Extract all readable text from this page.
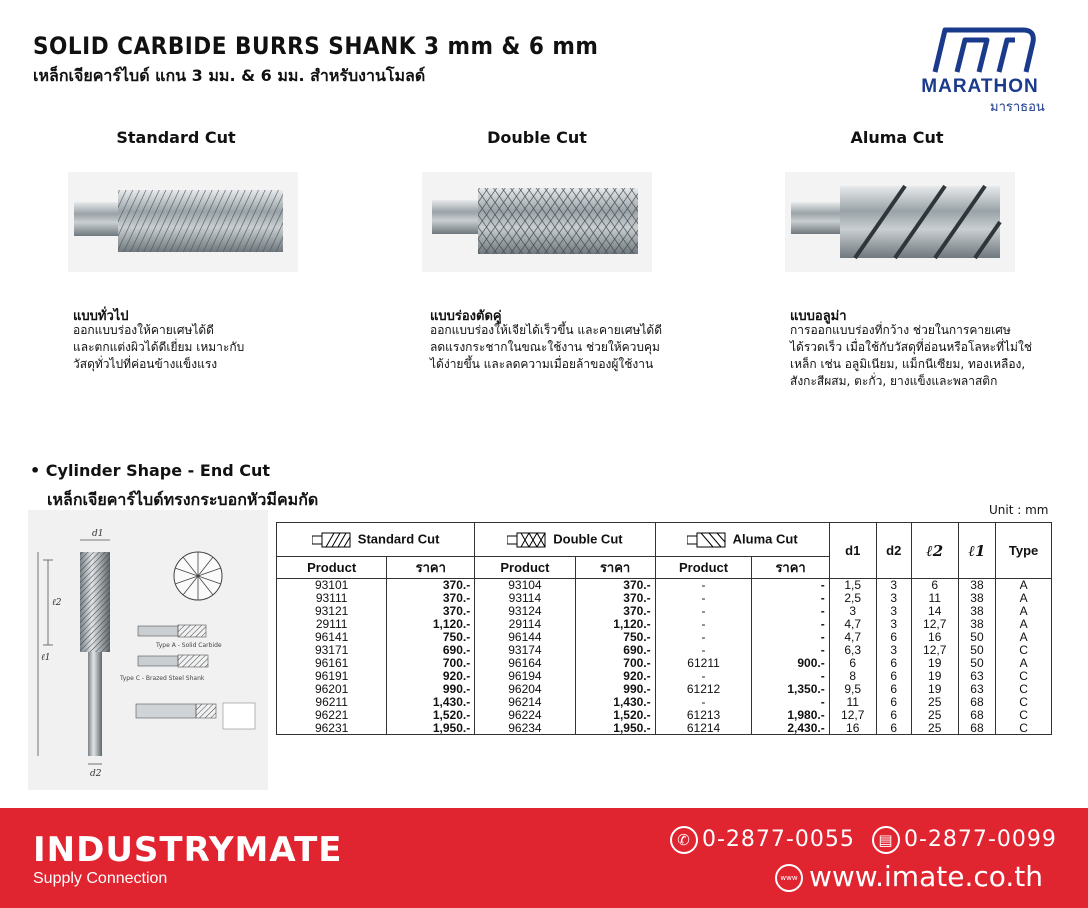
SOLID CARBIDE BURRS SHANK 3 mm & 6 mm
เหล็กเจียคาร์ไบด์ แกน 3 มม. & 6 มม. สำหรับงานโมลด์
MARATHON
มาราธอน
Standard Cut	Double Cut	Aluma Cut
แบบทั่วไป
ออกแบบร่องให้คายเศษได้ดี
และตกแต่งผิวได้ดีเยี่ยม เหมาะกับ
วัสดุทั่วไปที่ค่อนข้างแข็งแรง
แบบร่องตัดคู่
ออกแบบร่องให้เจียได้เร็วขึ้น และคายเศษได้ดี
ลดแรงกระชากในขณะใช้งาน ช่วยให้ควบคุม
ได้ง่ายขึ้น และลดความเมื่อยล้าของผู้ใช้งาน
แบบอลูม่า
การออกแบบร่องที่กว้าง ช่วยในการคายเศษ
ได้รวดเร็ว เมื่อใช้กับวัสดุที่อ่อนหรือโลหะที่ไม่ใช่
เหล็ก เช่น อลูมิเนียม, แม็กนีเซียม, ทองเหลือง,
สังกะสีผสม, ตะกั่ว, ยางแข็งและพลาสติก
• Cylinder Shape - End Cut
เหล็กเจียคาร์ไบด์ทรงกระบอกหัวมีคมกัด
Unit : mm
d1
ℓ2
ℓ1
d2
Type A - Solid Carbide
Type C - Brazed Steel Shank
Standard Cut		Double Cut		Aluma Cut		d1	d2	ℓ2	ℓ1	Type
Product	ราคา	Product	ราคา	Product	ราคา					
93101	370.-	93104	370.-	-	-	1,5	3	6	38	A
93111	370.-	93114	370.-	-	-	2,5	3	11	38	A
93121	370.-	93124	370.-	-	-	3	3	14	38	A
29111	1,120.-	29114	1,120.-	-	-	4,7	3	12,7	38	A
96141	750.-	96144	750.-	-	-	4,7	6	16	50	A
93171	690.-	93174	690.-	-	-	6,3	3	12,7	50	C
96161	700.-	96164	700.-	61211	900.-	6	6	19	50	A
96191	920.-	96194	920.-	-	-	8	6	19	63	C
96201	990.-	96204	990.-	61212	1,350.-	9,5	6	19	63	C
96211	1,430.-	96214	1,430.-	-	-	11	6	25	68	C
96221	1,520.-	96224	1,520.-	61213	1,980.-	12,7	6	25	68	C
96231	1,950.-	96234	1,950.-	61214	2,430.-	16	6	25	68	C
INDUSTRYMATE
Supply Connection
✆ 0-2877-0055	▤ 0-2877-0099
www www.imate.co.th
